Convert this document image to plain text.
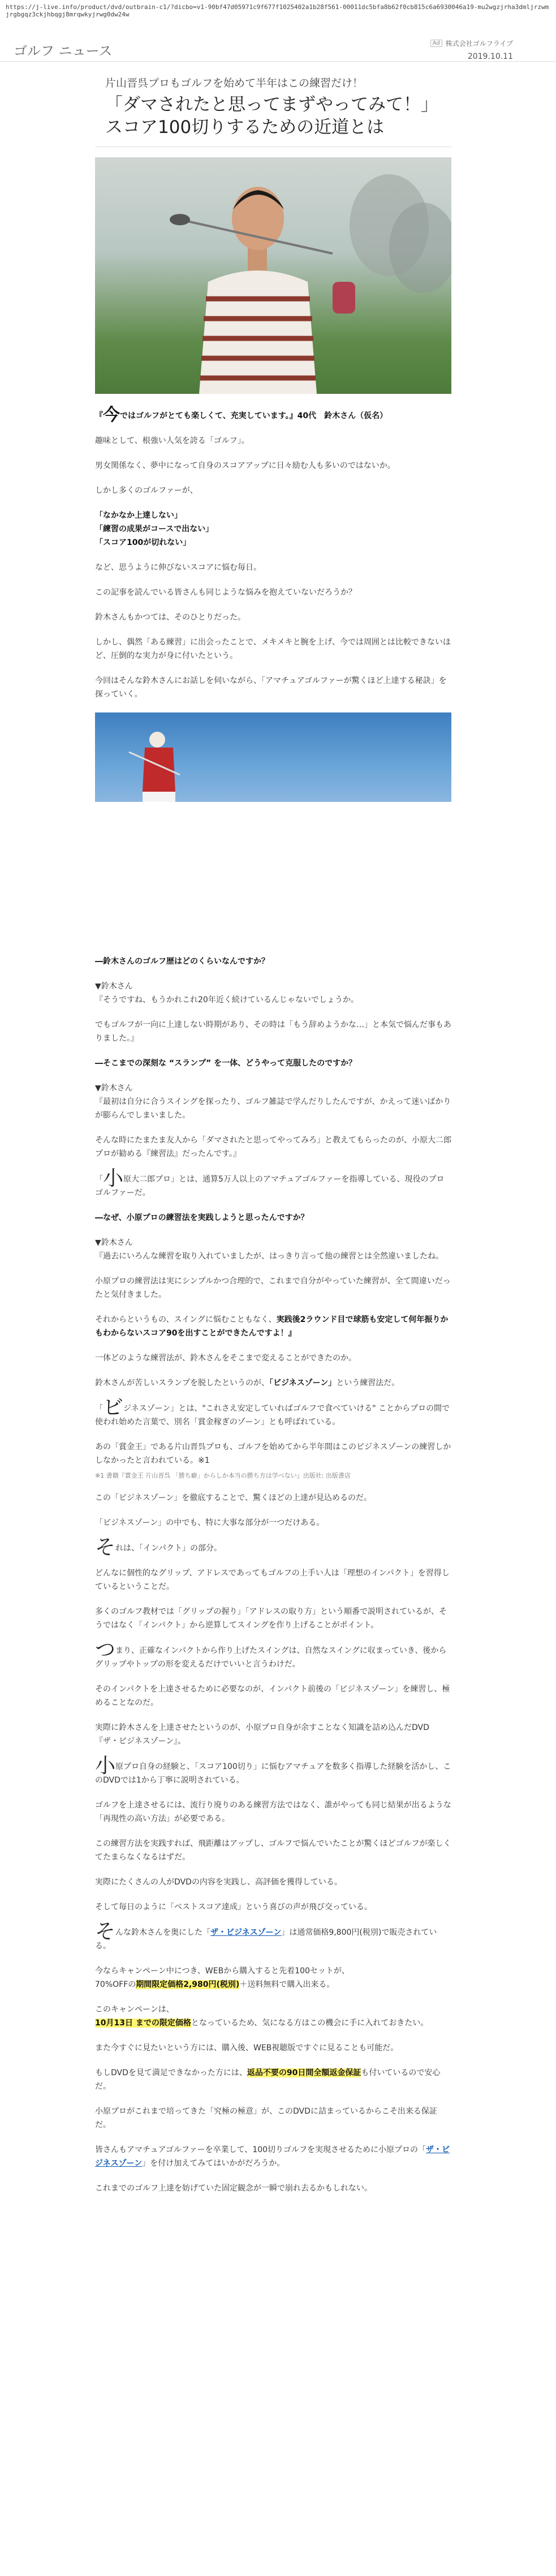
https://j-live.info/product/dvd/outbrain-c1/?dicbo=v1-90bf47d05971c9f677f1025402a1b28f561-00011dc5bfa8b62f0cb815c6a6930046a19-mu2wgzjrha3dmljrzwmjrgbgqz3ckjhbqgj8mrqwkyjrwg0dw24w
ゴルフ ニュース	Ad 株式会社ゴルフライブ
2019.10.11
片山晋呉プロもゴルフを始めて半年はこの練習だけ！
「ダマされたと思ってまずやってみて！」
スコア100切りするための近道とは

『今ではゴルフがとても楽しくて、充実しています。』40代　鈴木さん（仮名）

趣味として、根強い人気を誇る「ゴルフ」。

男女関係なく、夢中になって自身のスコアアップに日々励む人も多いのではないか。

しかし多くのゴルファーが、

「なかなか上達しない」
「練習の成果がコースで出ない」
「スコア100が切れない」

など、思うように伸びないスコアに悩む毎日。

この記事を読んでいる皆さんも同じような悩みを抱えていないだろうか？

鈴木さんもかつては、そのひとりだった。

しかし、偶然「ある練習」に出会ったことで、メキメキと腕を上げ、今では周囲とは比較できないほど、圧倒的な実力が身に付いたという。

今回はそんな鈴木さんにお話しを伺いながら、「アマチュアゴルファーが驚くほど上達する秘訣」を探っていく。

―鈴木さんのゴルフ歴はどのくらいなんですか？

▼鈴木さん
『そうですね、もうかれこれ20年近く続けているんじゃないでしょうか。

でもゴルフが一向に上達しない時期があり、その時は「もう辞めようかな…」と本気で悩んだ事もありました。』

―そこまでの深刻な “スランプ” を一体、どうやって克服したのですか？

▼鈴木さん
『最初は自分に合うスイングを探ったり、ゴルフ雑誌で学んだりしたんですが、かえって迷いばかりが膨らんでしまいました。

そんな時にたまたま友人から「ダマされたと思ってやってみろ」と教えてもらったのが、小原大二郎プロが勧める『練習法』だったんです。』

「小原大二郎プロ」とは、通算5万人以上のアマチュアゴルファーを指導している、現役のプロゴルファーだ。

―なぜ、小原プロの練習法を実践しようと思ったんですか？

▼鈴木さん
『過去にいろんな練習を取り入れていましたが、はっきり言って他の練習とは全然違いましたね。

小原プロの練習法は実にシンプルかつ合理的で、これまで自分がやっていた練習が、全て間違いだったと気付きました。

それからというもの、スイングに悩むこともなく、実践後2ラウンド目で球筋も安定して何年振りかもわからないスコア90を出すことができたんですよ！』

一体どのような練習法が、鈴木さんをそこまで変えることができたのか。

鈴木さんが苦しいスランプを脱したというのが、「ビジネスゾーン」という練習法だ。

「ビジネスゾーン」とは、"これさえ安定していればゴルフで食べていける" ことからプロの間で使われ始めた言葉で、別名「賞金稼ぎのゾーン」とも呼ばれている。

あの「賞金王」である片山晋呉プロも、ゴルフを始めてから半年間はこのビジネスゾーンの練習しかしなかったと言われている。※1

※1 書籍『賞金王 片山晋呉 「勝ち癖」からしか本当の勝ち方は学べない』出版社: 出版書店

この「ビジネスゾーン」を徹底することで、驚くほどの上達が見込めるのだ。

「ビジネスゾーン」の中でも、特に大事な部分が一つだけある。

それは、「インパクト」の部分。

どんなに個性的なグリップ、アドレスであってもゴルフの上手い人は「理想のインパクト」を習得しているということだ。

多くのゴルフ教材では「グリップの握り」「アドレスの取り方」という順番で説明されているが、そうではなく「インパクト」から逆算してスイングを作り上げることがポイント。

つまり、正確なインパクトから作り上げたスイングは、自然なスイングに収まっていき、後からグリップやトップの形を変えるだけでいいと言うわけだ。

そのインパクトを上達させるために必要なのが、インパクト前後の「ビジネスゾーン」を練習し、極めることなのだ。

実際に鈴木さんを上達させたというのが、小原プロ自身が余すことなく知識を詰め込んだDVD『ザ・ビジネスゾーン』。

小原プロ自身の経験と、「スコア100切り」に悩むアマチュアを数多く指導した経験を活かし、このDVDでは1から丁寧に説明されている。

ゴルフを上達させるには、流行り廃りのある練習方法ではなく、誰がやっても同じ結果が出るような「再現性の高い方法」が必要である。

この練習方法を実践すれば、飛距離はアップし、ゴルフで悩んでいたことが驚くほどゴルフが楽しくてたまらなくなるはずだ。

実際にたくさんの人がDVDの内容を実践し、高評価を獲得している。

そして毎日のように「ベストスコア達成」という喜びの声が飛び交っている。

そんな鈴木さんを奥にした「ザ・ビジネスゾーン」は通常価格9,800円(税別)で販売されている。

今ならキャンペーン中につき、WEBから購入すると先着100セットが、
70%OFFの期間限定価格2,980円(税別)＋送料無料で購入出来る。

このキャンペーンは、
10月13日 までの限定価格となっているため、気になる方はこの機会に手に入れておきたい。

また今すぐに見たいという方には、購入後、WEB視聴版ですぐに見ることも可能だ。

もしDVDを見て満足できなかった方には、返品不要の90日間全額返金保証も付いているので安心だ。

小原プロがこれまで培ってきた「究極の極意」が、このDVDに詰まっているからこそ出来る保証だ。

皆さんもアマチュアゴルファーを卒業して、100切りゴルフを実現させるために小原プロの「ザ・ビジネスゾーン」を付け加えてみてはいかがだろうか。

これまでのゴルフ上達を妨げていた固定観念が一瞬で崩れ去るかもしれない。
